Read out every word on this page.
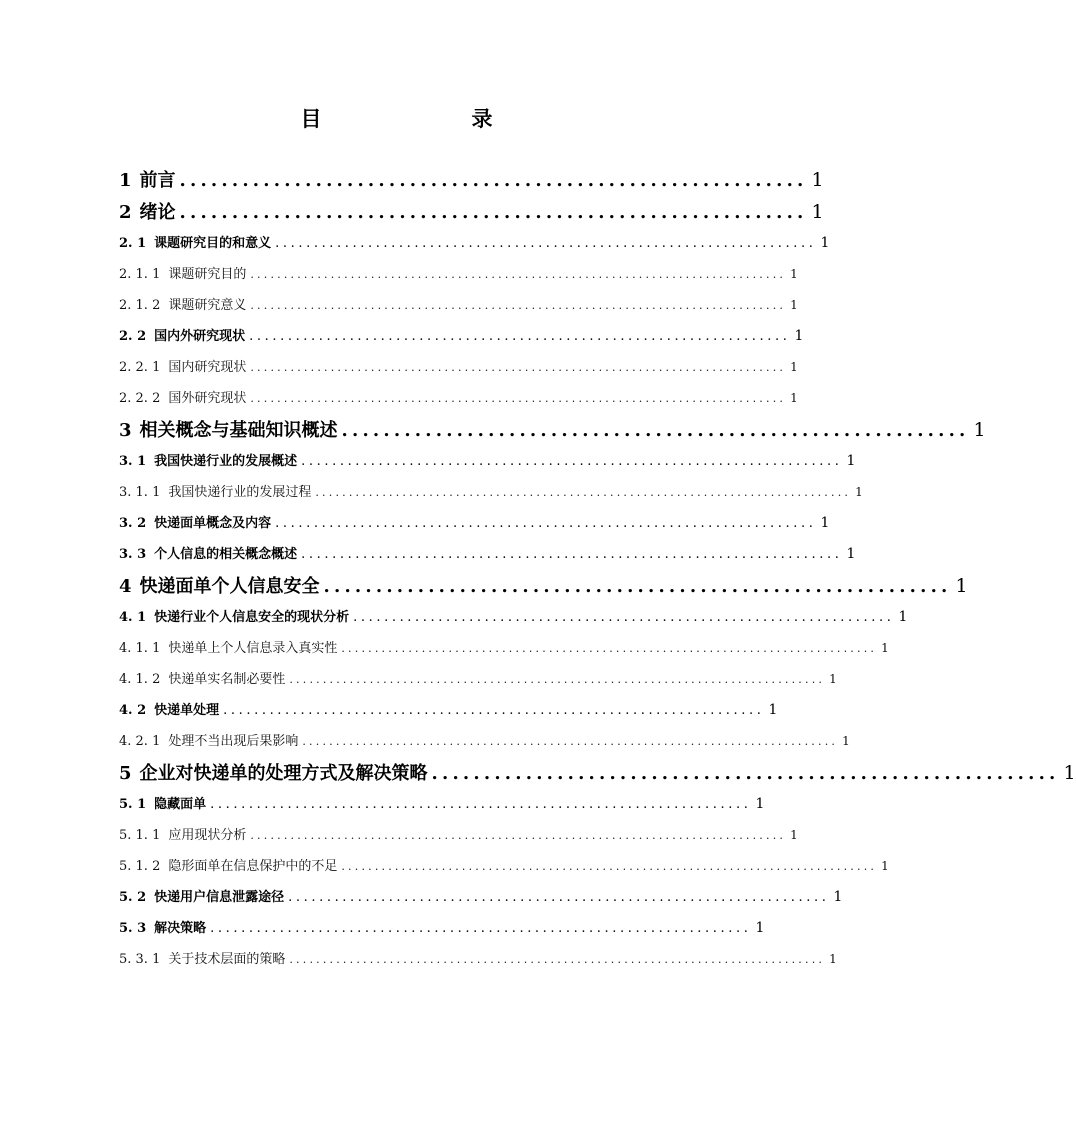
目　　录
1 前言 ............................................................ 1
2 绪论 ............................................................ 1
2. 1 课题研究目的和意义 ...................................................................... 1
2. 1. 1 课题研究目的 ................................................................................ 1
2. 1. 2 课题研究意义 ................................................................................ 1
2. 2 国内外研究现状 ...................................................................... 1
2. 2. 1 国内研究现状 ................................................................................ 1
2. 2. 2 国外研究现状 ................................................................................ 1
3 相关概念与基础知识概述 ............................................................ 1
3. 1 我国快递行业的发展概述 ...................................................................... 1
3. 1. 1 我国快递行业的发展过程 ................................................................................ 1
3. 2 快递面单概念及内容 ...................................................................... 1
3. 3 个人信息的相关概念概述 ...................................................................... 1
4 快递面单个人信息安全 ............................................................ 1
4. 1 快递行业个人信息安全的现状分析 ...................................................................... 1
4. 1. 1 快递单上个人信息录入真实性 ................................................................................ 1
4. 1. 2 快递单实名制必要性 ................................................................................ 1
4. 2 快递单处理 ...................................................................... 1
4. 2. 1 处理不当出现后果影响 ................................................................................ 1
5 企业对快递单的处理方式及解决策略 ............................................................ 1
5. 1 隐藏面单 ...................................................................... 1
5. 1. 1 应用现状分析 ................................................................................ 1
5. 1. 2 隐形面单在信息保护中的不足 ................................................................................ 1
5. 2 快递用户信息泄露途径 ...................................................................... 1
5. 3 解决策略 ...................................................................... 1
5. 3. 1 关于技术层面的策略 ................................................................................ 1
